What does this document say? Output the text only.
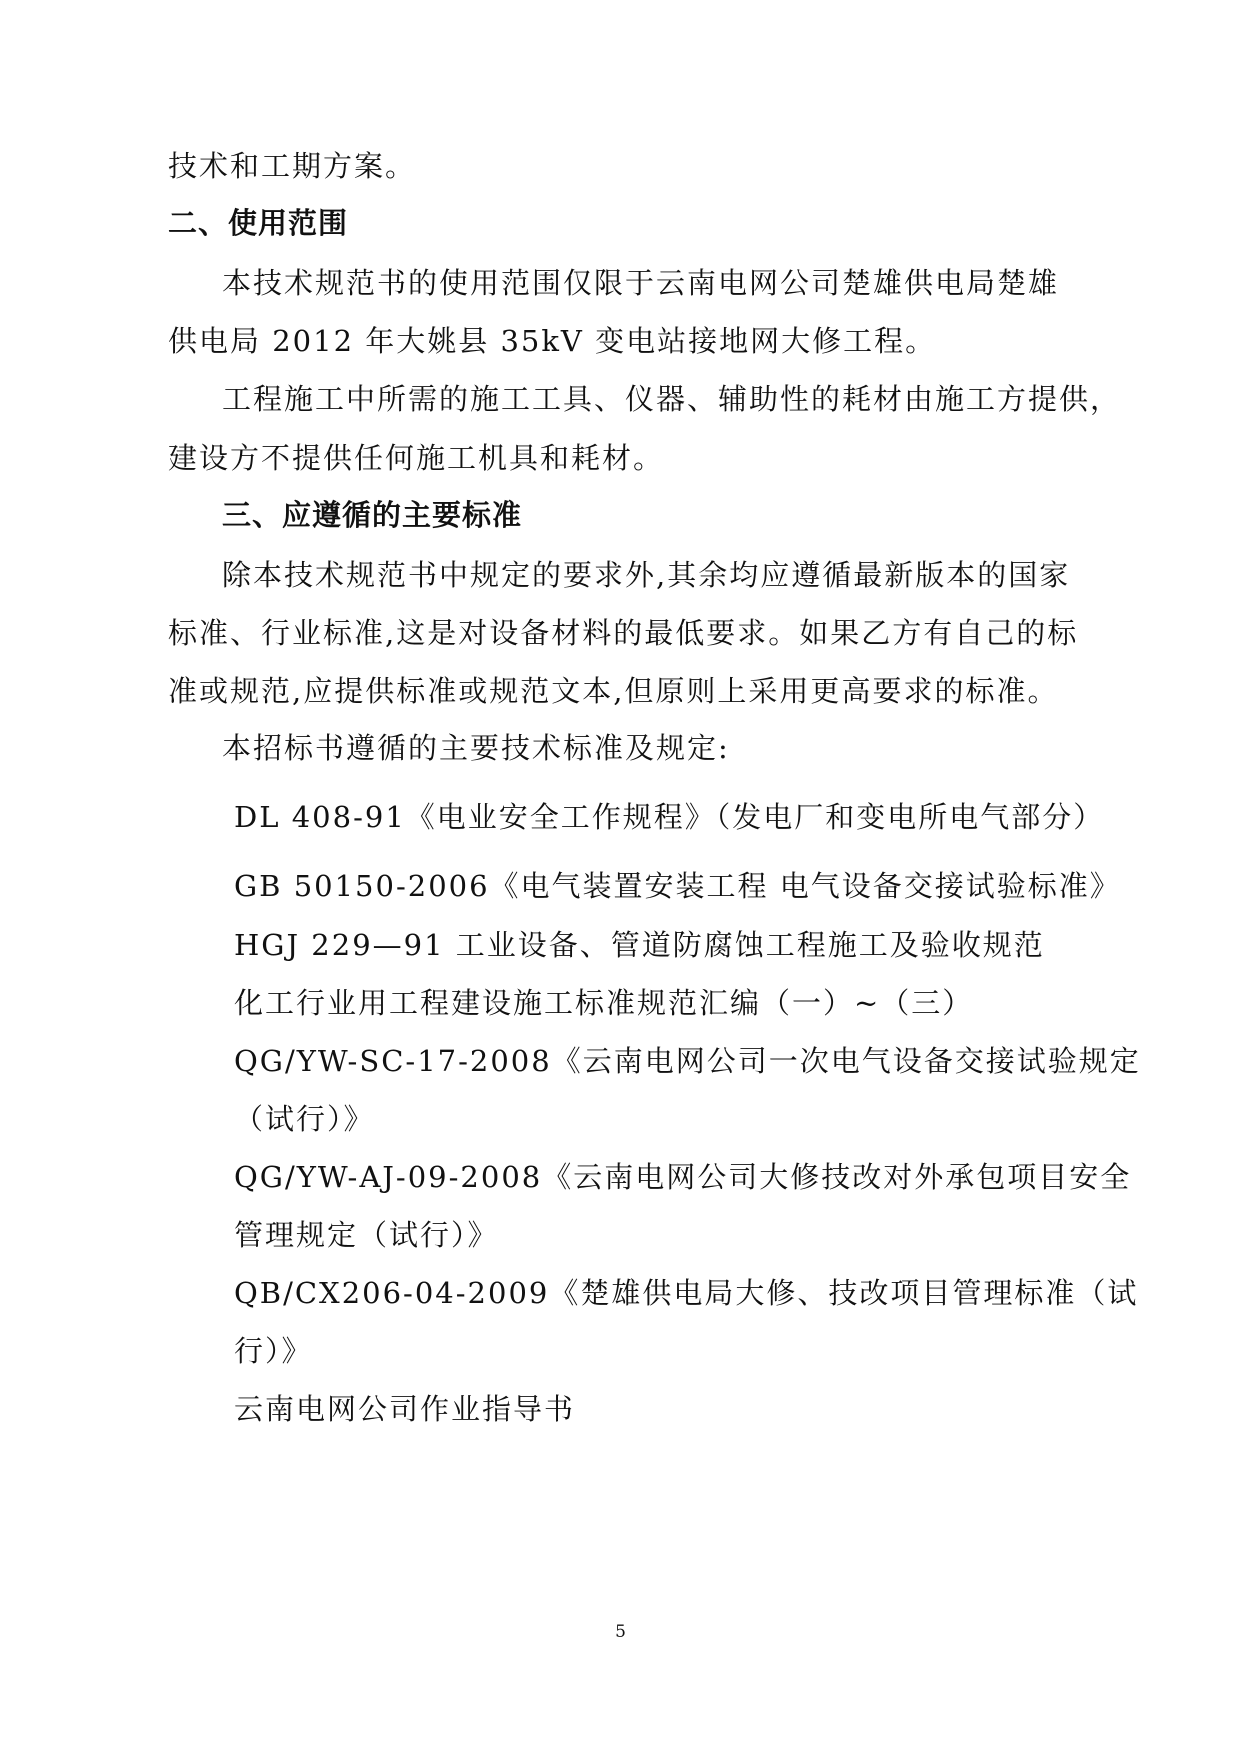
技术和工期方案。
二、使用范围
本技术规范书的使用范围仅限于云南电网公司楚雄供电局楚雄
供电局 2012 年大姚县 35kV 变电站接地网大修工程。
工程施工中所需的施工工具、仪器、辅助性的耗材由施工方提供，
建设方不提供任何施工机具和耗材。
三、应遵循的主要标准
除本技术规范书中规定的要求外,其余均应遵循最新版本的国家
标准、行业标准,这是对设备材料的最低要求。如果乙方有自己的标
准或规范,应提供标准或规范文本,但原则上采用更高要求的标准。
本招标书遵循的主要技术标准及规定:
DL 408-91《电业安全工作规程》（发电厂和变电所电气部分）
GB 50150-2006《电气装置安装工程 电气设备交接试验标准》
HGJ 229—91 工业设备、管道防腐蚀工程施工及验收规范
化工行业用工程建设施工标准规范汇编（一）~（三）
QG/YW-SC-17-2008《云南电网公司一次电气设备交接试验规定
（试行）》
QG/YW-AJ-09-2008《云南电网公司大修技改对外承包项目安全
管理规定（试行）》
QB/CX206-04-2009《楚雄供电局大修、技改项目管理标准（试
行）》
云南电网公司作业指导书
5
